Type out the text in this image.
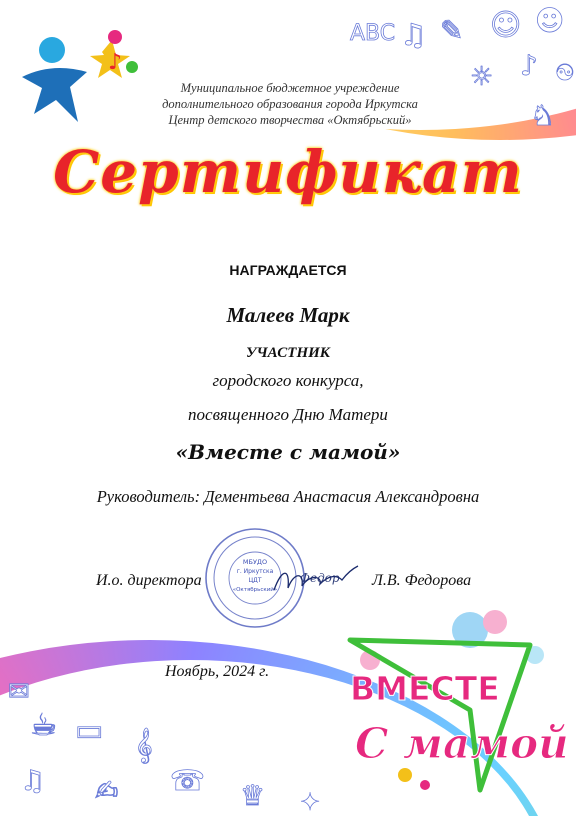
ABC ♫ ✎ ☺ ☻
♪
☼
♞
☯
✉
☕ ▭ 𝄞
♫ ✍ ☎ ♛ ✦
♪
Муниципальное бюджетное учреждение
дополнительного образования города Иркутска
Центр детского творчества «Октябрьский»
Сертификат
НАГРАЖДАЕТСЯ
Малеев Марк
УЧАСТНИК
городского конкурса,
посвященного Дню Матери
«Вместе с мамой»
Руководитель: Дементьева Анастасия Александровна
МБУДО
г. Иркутска
ЦДТ
«Октябрьский»
И.о. директора	Федор Л.В. Федорова
Ноябрь, 2024 г. ВМЕСТЕ
С мамой
